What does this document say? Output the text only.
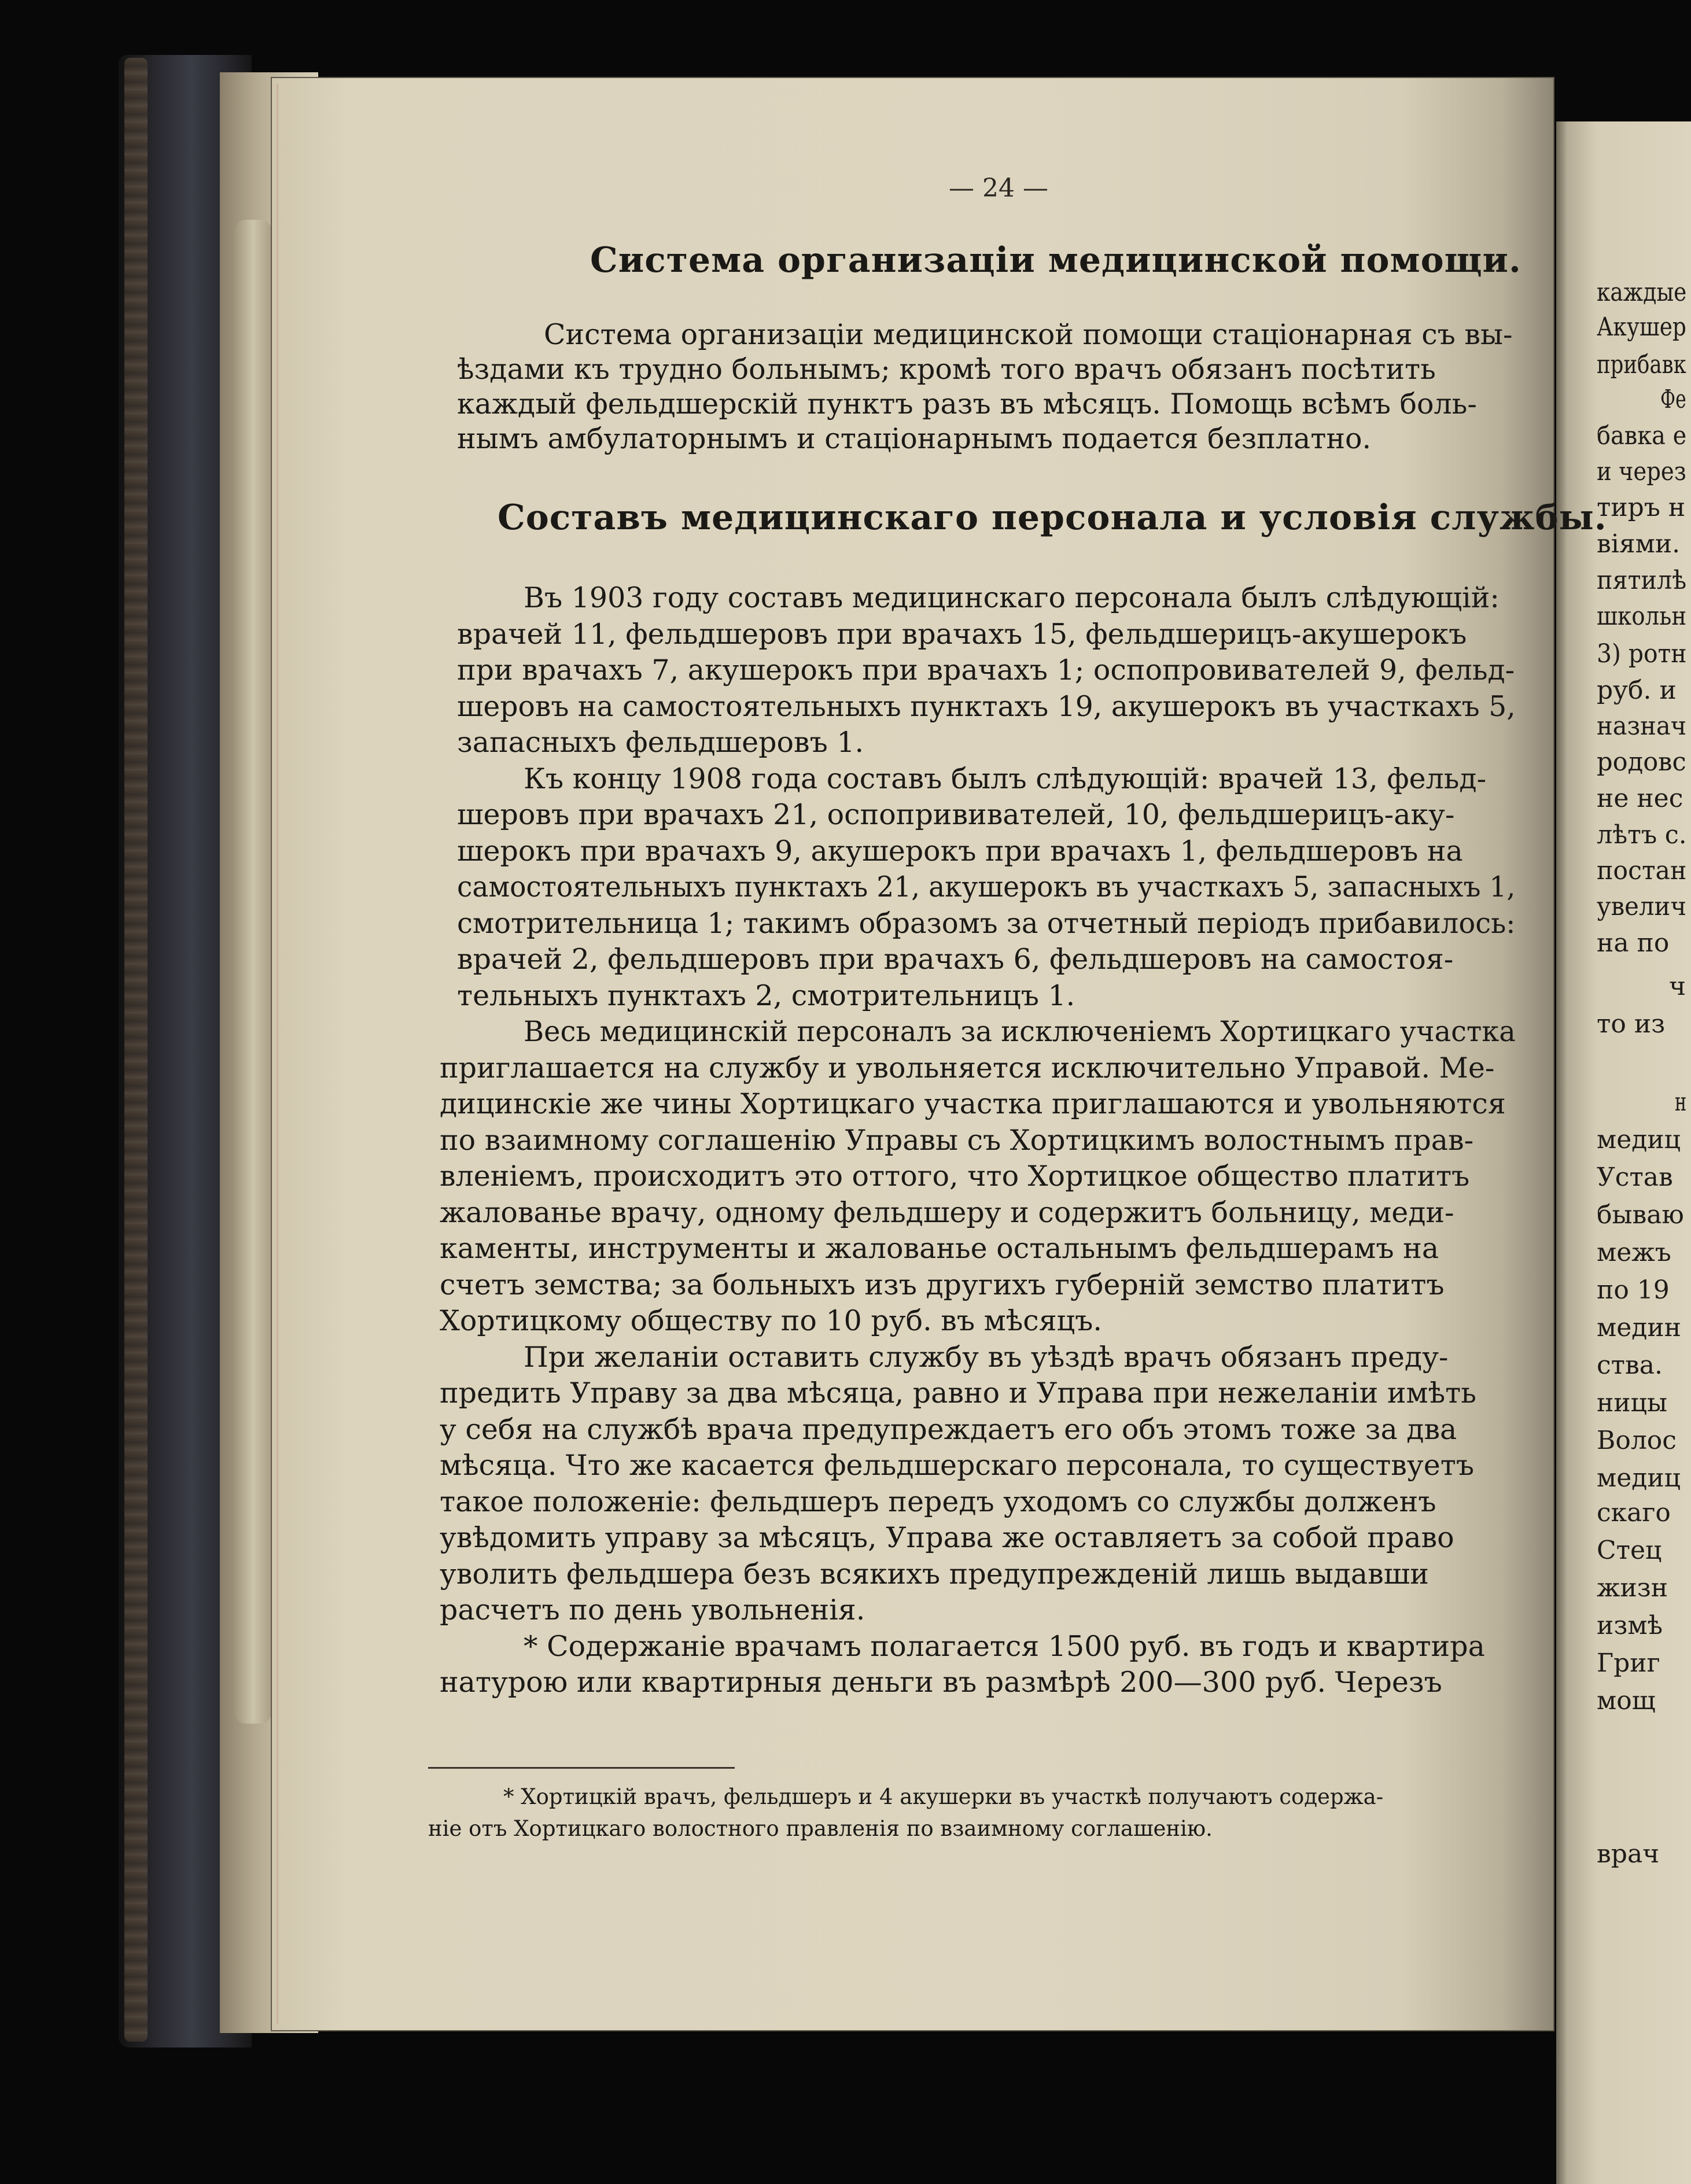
— 24 —
Система организаціи медицинской помощи.
Система организаціи медицинской помощи стаціонарная съ вы-
ѣздами къ трудно больнымъ; кромѣ того врачъ обязанъ посѣтить
каждый фельдшерскій пунктъ разъ въ мѣсяцъ. Помощь всѣмъ боль-
нымъ амбулаторнымъ и стаціонарнымъ подается безплатно.
Составъ медицинскаго персонала и условія службы.
Въ 1903 году составъ медицинскаго персонала былъ слѣдующій:
врачей 11, фельдшеровъ при врачахъ 15, фельдшерицъ-акушерокъ
при врачахъ 7, акушерокъ при врачахъ 1; оспопровивателей 9, фельд-
шеровъ на самостоятельныхъ пунктахъ 19, акушерокъ въ участкахъ 5,
запасныхъ фельдшеровъ 1.
Къ концу 1908 года составъ былъ слѣдующій: врачей 13, фельд-
шеровъ при врачахъ 21, оспопрививателей, 10, фельдшерицъ-аку-
шерокъ при врачахъ 9, акушерокъ при врачахъ 1, фельдшеровъ на
самостоятельныхъ пунктахъ 21, акушерокъ въ участкахъ 5, запасныхъ 1,
смотрительница 1; такимъ образомъ за отчетный періодъ прибавилось:
врачей 2, фельдшеровъ при врачахъ 6, фельдшеровъ на самостоя-
тельныхъ пунктахъ 2, смотрительницъ 1.
Весь медицинскій персоналъ за исключеніемъ Хортицкаго участка
приглашается на службу и увольняется исключительно Управой. Ме-
дицинскіе же чины Хортицкаго участка приглашаются и увольняются
по взаимному соглашенію Управы съ Хортицкимъ волостнымъ прав-
вленіемъ, происходитъ это оттого, что Хортицкое общество платитъ
жалованье врачу, одному фельдшеру и содержитъ больницу, меди-
каменты, инструменты и жалованье остальнымъ фельдшерамъ на
счетъ земства; за больныхъ изъ другихъ губерній земство платитъ
Хортицкому обществу по 10 руб. въ мѣсяцъ.
При желаніи оставить службу въ уѣздѣ врачъ обязанъ преду-
предить Управу за два мѣсяца, равно и Управа при нежеланіи имѣть
у себя на службѣ врача предупреждаетъ его объ этомъ тоже за два
мѣсяца. Что же касается фельдшерскаго персонала, то существуетъ
такое положеніе: фельдшеръ передъ уходомъ со службы долженъ
увѣдомить управу за мѣсяцъ, Управа же оставляетъ за собой право
уволить фельдшера безъ всякихъ предупрежденій лишь выдавши
расчетъ по день увольненія.
* Содержаніе врачамъ полагается 1500 руб. въ годъ и квартира
натурою или квартирныя деньги въ размѣрѣ 200—300 руб. Черезъ
* Хортицкій врачъ, фельдшеръ и 4 акушерки въ участкѣ получаютъ содержа-
ніе отъ Хортицкаго волостного правленія по взаимному соглашенію.
каждые
Акушер
прибавк
Фе
бавка е
и через
тиръ н
віями.
пятилѣ
школьн
3) ротн
руб. и
назнач
родовс
не нес
лѣтъ с.
постан
увелич
на по
ч
то из
н
медиц
Устав
бываю
межъ
по 19
медин
ства.
ницы
Волос
медиц
скаго
Стец
жизн
измѣ
Григ
мощ
врач
